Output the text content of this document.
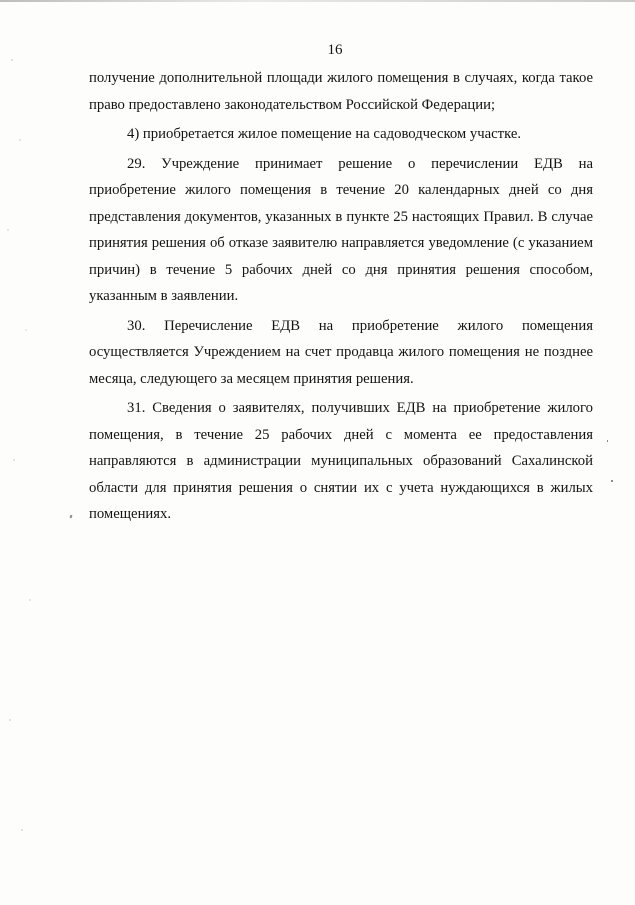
16

получение дополнительной площади жилого помещения в случаях, когда такое право предоставлено законодательством Российской Федерации;

4) приобретается жилое помещение на садоводческом участке.

29. Учреждение принимает решение о перечислении ЕДВ на приобретение жилого помещения в течение 20 календарных дней со дня представления документов, указанных в пункте 25 настоящих Правил. В случае принятия решения об отказе заявителю направляется уведомление (с указанием причин) в течение 5 рабочих дней со дня принятия решения способом, указанным в заявлении.

30. Перечисление ЕДВ на приобретение жилого помещения осуществляется Учреждением на счет продавца жилого помещения не позднее месяца, следующего за месяцем принятия решения.

31. Сведения о заявителях, получивших ЕДВ на приобретение жилого помещения, в течение 25 рабочих дней с момента ее предоставления направляются в администрации муниципальных образований Сахалинской области для принятия решения о снятии их с учета нуждающихся в жилых помещениях.
